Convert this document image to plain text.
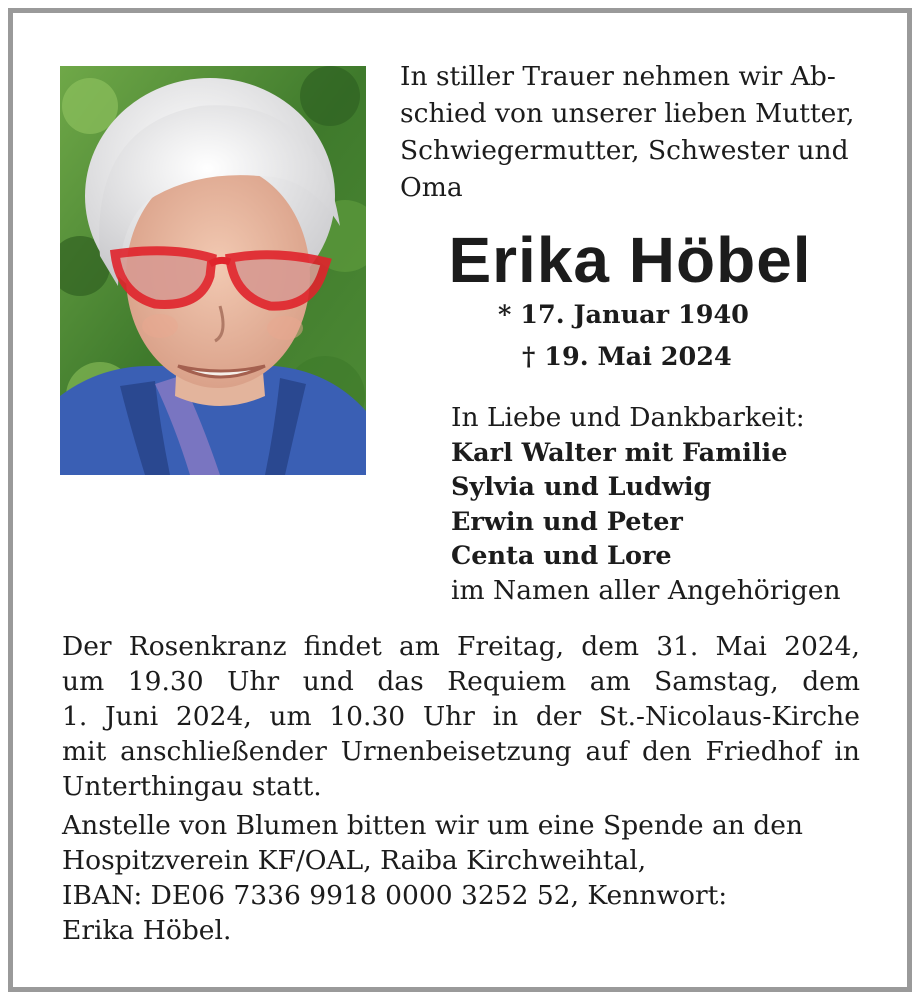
In stiller Trauer nehmen wir Ab-
schied von unserer lieben Mutter,
Schwiegermutter, Schwester und
Oma
Erika Höbel
* 17. Januar 1940
† 19. Mai 2024
In Liebe und Dankbarkeit:
Karl Walter mit Familie
Sylvia und Ludwig
Erwin und Peter
Centa und Lore
im Namen aller Angehörigen
Der Rosenkranz findet am Freitag, dem 31. Mai 2024,
um 19.30 Uhr und das Requiem am Samstag, dem
1. Juni 2024, um 10.30 Uhr in der St.-Nicolaus-Kirche
mit anschließender Urnenbeisetzung auf den Friedhof in
Unterthingau statt.
Anstelle von Blumen bitten wir um eine Spende an den
Hospitzverein KF/OAL, Raiba Kirchweihtal,
IBAN: DE06 7336 9918 0000 3252 52, Kennwort:
Erika Höbel.
